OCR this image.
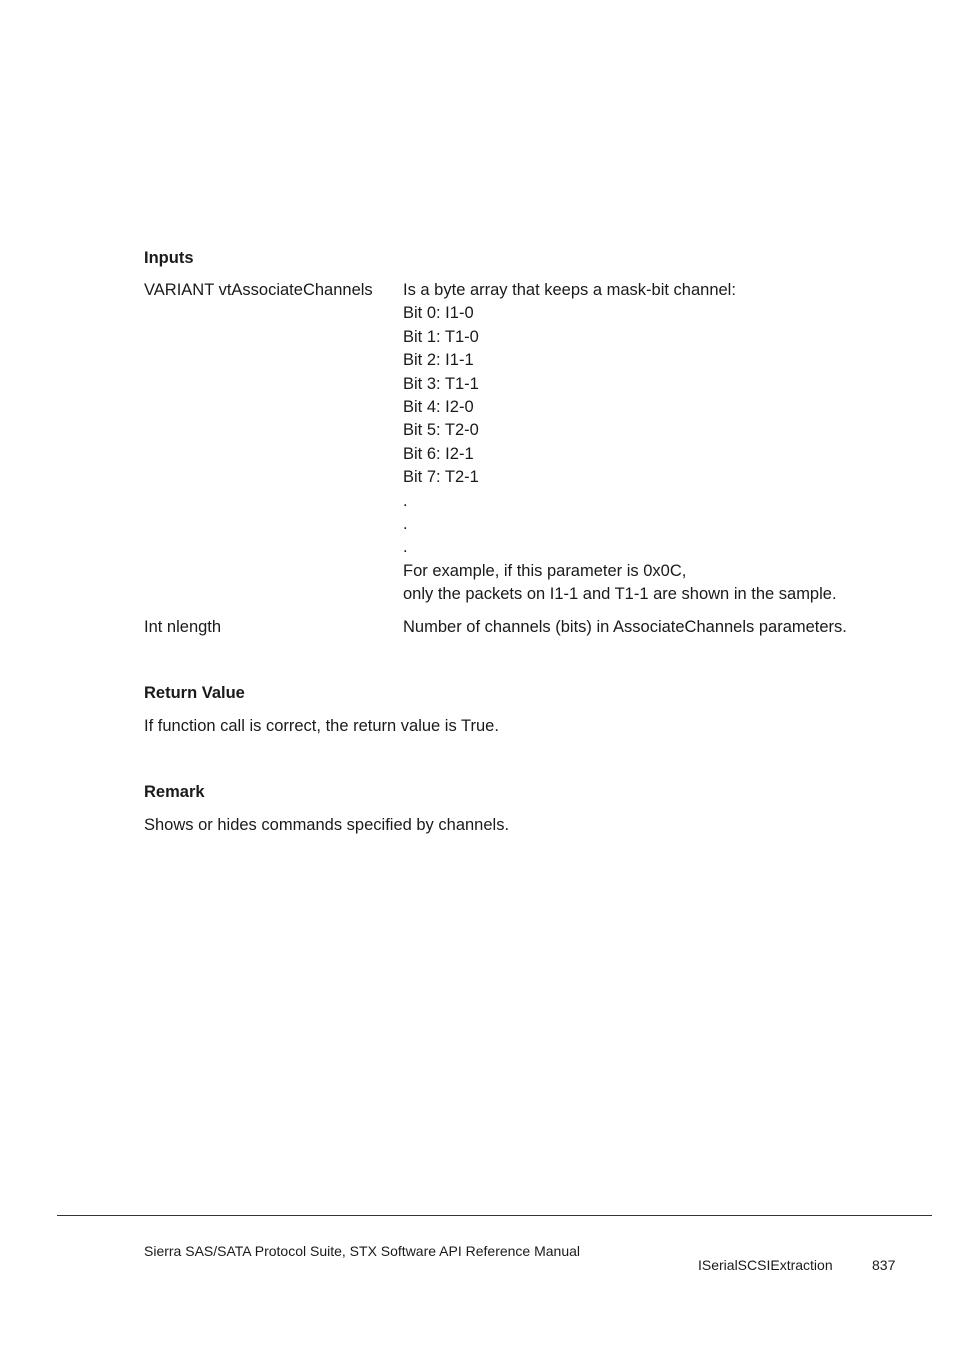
Inputs
VARIANT vtAssociateChannels	Is a byte array that keeps a mask-bit channel:
Bit 0: I1-0
Bit 1: T1-0
Bit 2: I1-1
Bit 3: T1-1
Bit 4: I2-0
Bit 5: T2-0
Bit 6: I2-1
Bit 7: T2-1
.
.
.
For example, if this parameter is 0x0C,
only the packets on I1-1 and T1-1 are shown in the sample.
Int nlength	Number of channels (bits) in AssociateChannels parameters.
Return Value

If function call is correct, the return value is True.

Remark

Shows or hides commands specified by channels.

Sierra SAS/SATA Protocol Suite, STX Software API Reference Manual
ISerialSCSIExtraction	837
